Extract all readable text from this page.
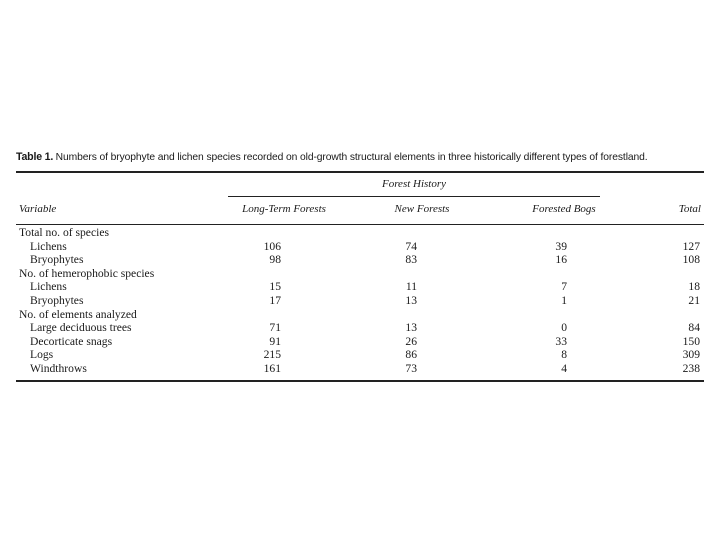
Table 1. Numbers of bryophyte and lichen species recorded on old-growth structural elements in three historically different types of forestland.
Forest History
Variable	Long-Term Forests	New Forests	Forested Bogs	Total
Total no. of species
Lichens	106	74	39	127
Bryophytes	98	83	16	108
No. of hemerophobic species
Lichens	15	11	7	18
Bryophytes	17	13	1	21
No. of elements analyzed
Large deciduous trees	71	13	0	84
Decorticate snags	91	26	33	150
Logs	215	86	8	309
Windthrows	161	73	4	238
